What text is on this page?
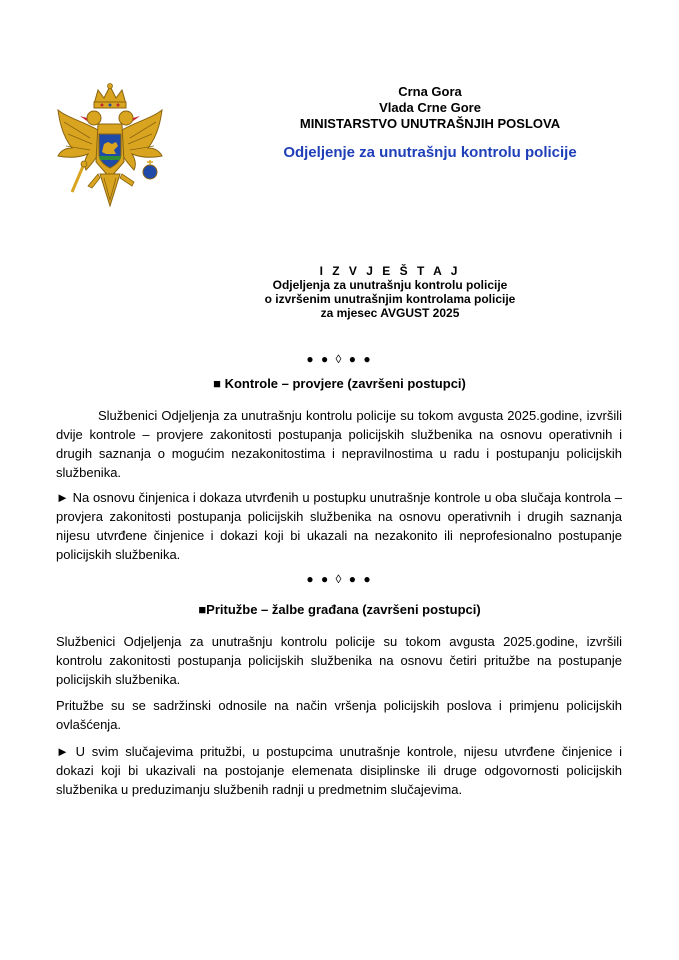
Crna Gora
Vlada Crne Gore
MINISTARSTVO UNUTRAŠNJIH POSLOVA
Odjeljenje za unutrašnju kontrolu policije
I Z V J E Š T A J
Odjeljenja za unutrašnju kontrolu policije
o izvršenim unutrašnjim kontrolama policije
za mjesec AVGUST 2025
● ● ◊ ● ●
■ Kontrole – provjere (završeni postupci)

Službenici Odjeljenja za unutrašnju kontrolu policije su tokom avgusta 2025.godine, izvršili dvije kontrole – provjere zakonitosti postupanja policijskih službenika na osnovu operativnih i drugih saznanja o mogućim nezakonitostima i nepravilnostima u radu i postupanju policijskih službenika.

► Na osnovu činjenica i dokaza utvrđenih u postupku unutrašnje kontrole u oba slučaja kontrola – provjera zakonitosti postupanja policijskih službenika na osnovu operativnih i drugih saznanja nijesu utvrđene činjenice i dokazi koji bi ukazali na nezakonito ili neprofesionalno postupanje policijskih službenika.

● ● ◊ ● ●
■Pritužbe – žalbe građana (završeni postupci)

Službenici Odjeljenja za unutrašnju kontrolu policije su tokom avgusta 2025.godine, izvršili kontrolu zakonitosti postupanja policijskih službenika na osnovu četiri pritužbe na postupanje policijskih službenika.

Pritužbe su se sadržinski odnosile na način vršenja policijskih poslova i primjenu policijskih ovlašćenja.

► U svim slučajevima pritužbi, u postupcima unutrašnje kontrole, nijesu utvrđene činjenice i dokazi koji bi ukazivali na postojanje elemenata disiplinske ili druge odgovornosti policijskih službenika u preduzimanju službenih radnji u predmetnim slučajevima.
